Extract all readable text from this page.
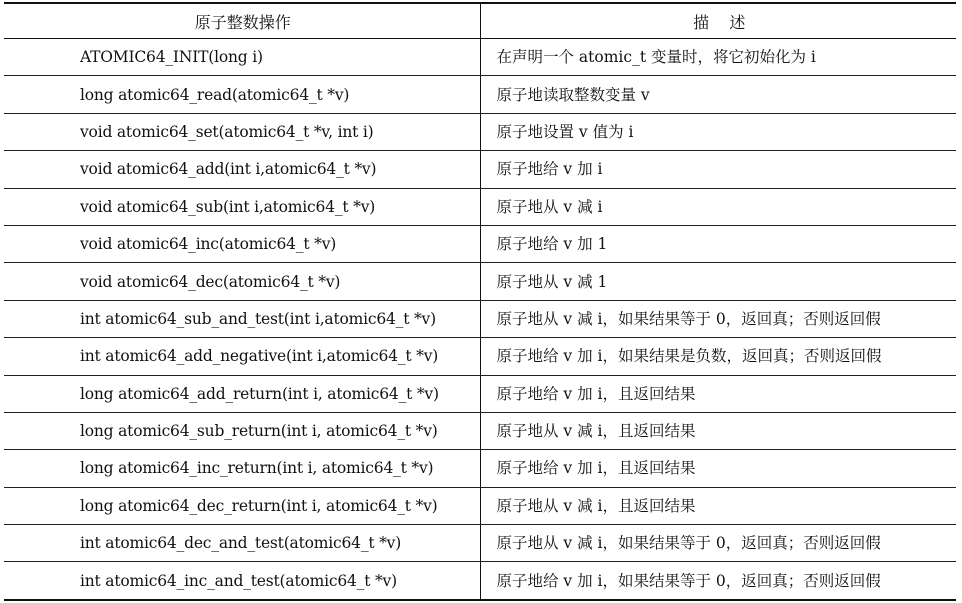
原子整数操作	描    述
ATOMIC64_INIT(long i)	在声明一个 atomic_t 变量时，将它初始化为 i
long atomic64_read(atomic64_t *v)	原子地读取整数变量 v
void atomic64_set(atomic64_t *v, int i)	原子地设置 v 值为 i
void atomic64_add(int i,atomic64_t *v)	原子地给 v 加 i
void atomic64_sub(int i,atomic64_t *v)	原子地从 v 减 i
void atomic64_inc(atomic64_t *v)	原子地给 v 加 1
void atomic64_dec(atomic64_t *v)	原子地从 v 减 1
int atomic64_sub_and_test(int i,atomic64_t *v)	原子地从 v 减 i，如果结果等于 0，返回真；否则返回假
int atomic64_add_negative(int i,atomic64_t *v)	原子地给 v 加 i，如果结果是负数，返回真；否则返回假
long atomic64_add_return(int i, atomic64_t *v)	原子地给 v 加 i，且返回结果
long atomic64_sub_return(int i, atomic64_t *v)	原子地从 v 减 i，且返回结果
long atomic64_inc_return(int i, atomic64_t *v)	原子地给 v 加 i，且返回结果
long atomic64_dec_return(int i, atomic64_t *v)	原子地从 v 减 i，且返回结果
int atomic64_dec_and_test(atomic64_t *v)	原子地从 v 减 i，如果结果等于 0，返回真；否则返回假
int atomic64_inc_and_test(atomic64_t *v)	原子地给 v 加 i，如果结果等于 0，返回真；否则返回假
